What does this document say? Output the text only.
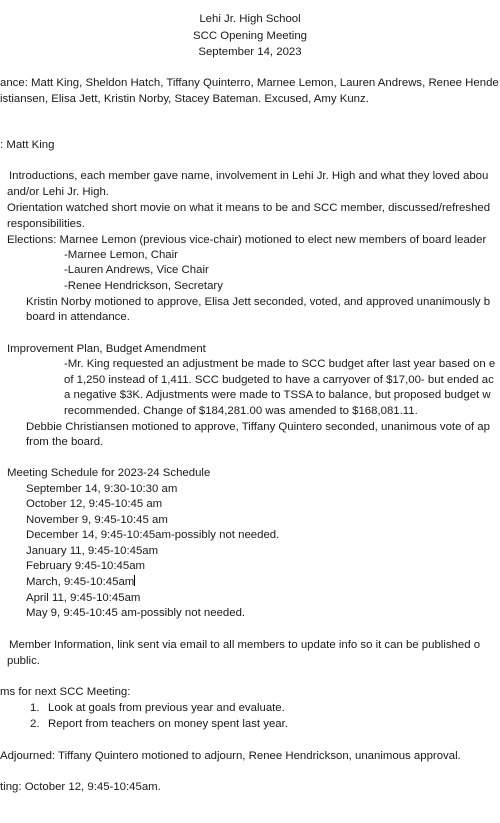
Lehi Jr. High School
SCC Opening Meeting
September 14, 2023
ance: Matt King, Sheldon Hatch, Tiffany Quinterro, Marnee Lemon, Lauren Andrews, Renee Hende
istiansen, Elisa Jett, Kristin Norby, Stacey Bateman. Excused, Amy Kunz.
: Matt King
Introductions, each member gave name, involvement in Lehi Jr. High and what they loved abou
and/or Lehi Jr. High.
Orientation watched short movie on what it means to be and SCC member, discussed/refreshed
responsibilities.
Elections: Marnee Lemon (previous vice-chair) motioned to elect new members of board leader
-Marnee Lemon, Chair
-Lauren Andrews, Vice Chair
-Renee Hendrickson, Secretary
Kristin Norby motioned to approve, Elisa Jett seconded, voted, and approved unanimously b
board in attendance.
Improvement Plan, Budget Amendment
-Mr. King requested an adjustment be made to SCC budget after last year based on e
of 1,250 instead of 1,411. SCC budgeted to have a carryover of $17,00- but ended ac
a negative $3K. Adjustments were made to TSSA to balance, but proposed budget w
recommended. Change of $184,281.00 was amended to $168,081.11.
Debbie Christiansen motioned to approve, Tiffany Quintero seconded, unanimous vote of ap
from the board.
Meeting Schedule for 2023-24 Schedule
September 14, 9:30-10:30 am
October 12, 9:45-10:45 am
November 9, 9:45-10:45 am
December 14, 9:45-10:45am-possibly not needed.
January 11, 9:45-10:45am
February 9:45-10:45am
March, 9:45-10:45am
April 11, 9:45-10:45am
May 9, 9:45-10:45 am-possibly not needed.
Member Information, link sent via email to all members to update info so it can be published o
public.
ms for next SCC Meeting:
1. Look at goals from previous year and evaluate.
2. Report from teachers on money spent last year.
Adjourned: Tiffany Quintero motioned to adjourn, Renee Hendrickson, unanimous approval.
ting: October 12, 9:45-10:45am.
